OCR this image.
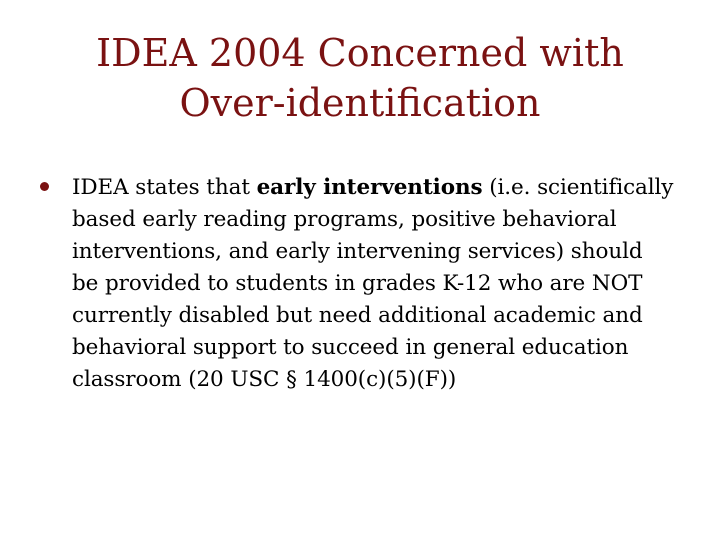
IDEA 2004 Concerned with
Over-identification
IDEA states that early interventions (i.e. scientifically based early reading programs, positive behavioral interventions, and early intervening services) should be provided to students in grades K-12 who are NOT currently disabled but need additional academic and behavioral support to succeed in general education classroom (20 USC § 1400(c)(5)(F))
